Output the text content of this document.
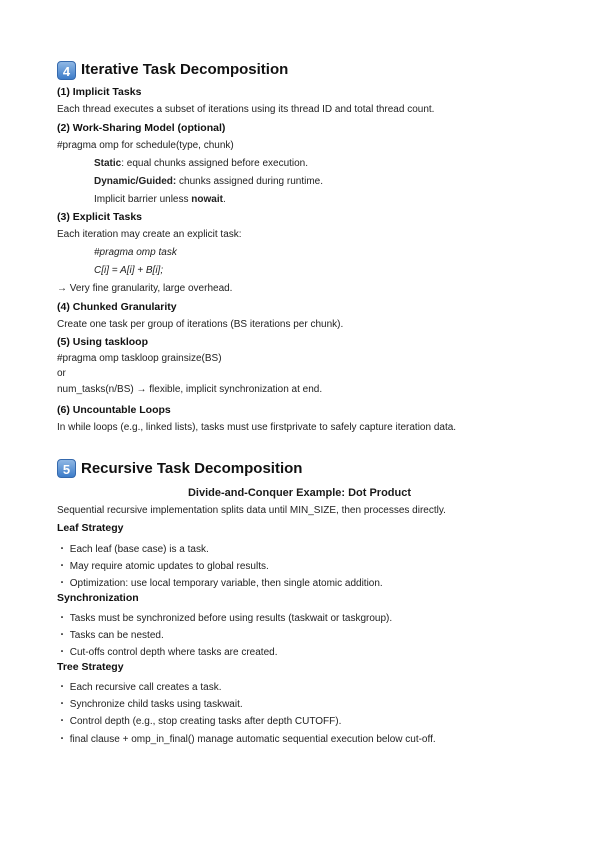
4 Iterative Task Decomposition
(1) Implicit Tasks
Each thread executes a subset of iterations using its thread ID and total thread count.
(2) Work-Sharing Model (optional)
#pragma omp for schedule(type, chunk)
Static: equal chunks assigned before execution.
Dynamic/Guided: chunks assigned during runtime.
Implicit barrier unless nowait.
(3) Explicit Tasks
Each iteration may create an explicit task:
#pragma omp task
C[i] = A[i] + B[i];
→ Very fine granularity, large overhead.
(4) Chunked Granularity
Create one task per group of iterations (BS iterations per chunk).
(5) Using taskloop
#pragma omp taskloop grainsize(BS)
or
num_tasks(n/BS) → flexible, implicit synchronization at end.
(6) Uncountable Loops
In while loops (e.g., linked lists), tasks must use firstprivate to safely capture iteration data.
5 Recursive Task Decomposition
Divide-and-Conquer Example: Dot Product
Sequential recursive implementation splits data until MIN_SIZE, then processes directly.
Leaf Strategy
・ Each leaf (base case) is a task.
・ May require atomic updates to global results.
・ Optimization: use local temporary variable, then single atomic addition.
Synchronization
・ Tasks must be synchronized before using results (taskwait or taskgroup).
・ Tasks can be nested.
・ Cut-offs control depth where tasks are created.
Tree Strategy
・ Each recursive call creates a task.
・ Synchronize child tasks using taskwait.
・ Control depth (e.g., stop creating tasks after depth CUTOFF).
・ final clause + omp_in_final() manage automatic sequential execution below cut-off.
